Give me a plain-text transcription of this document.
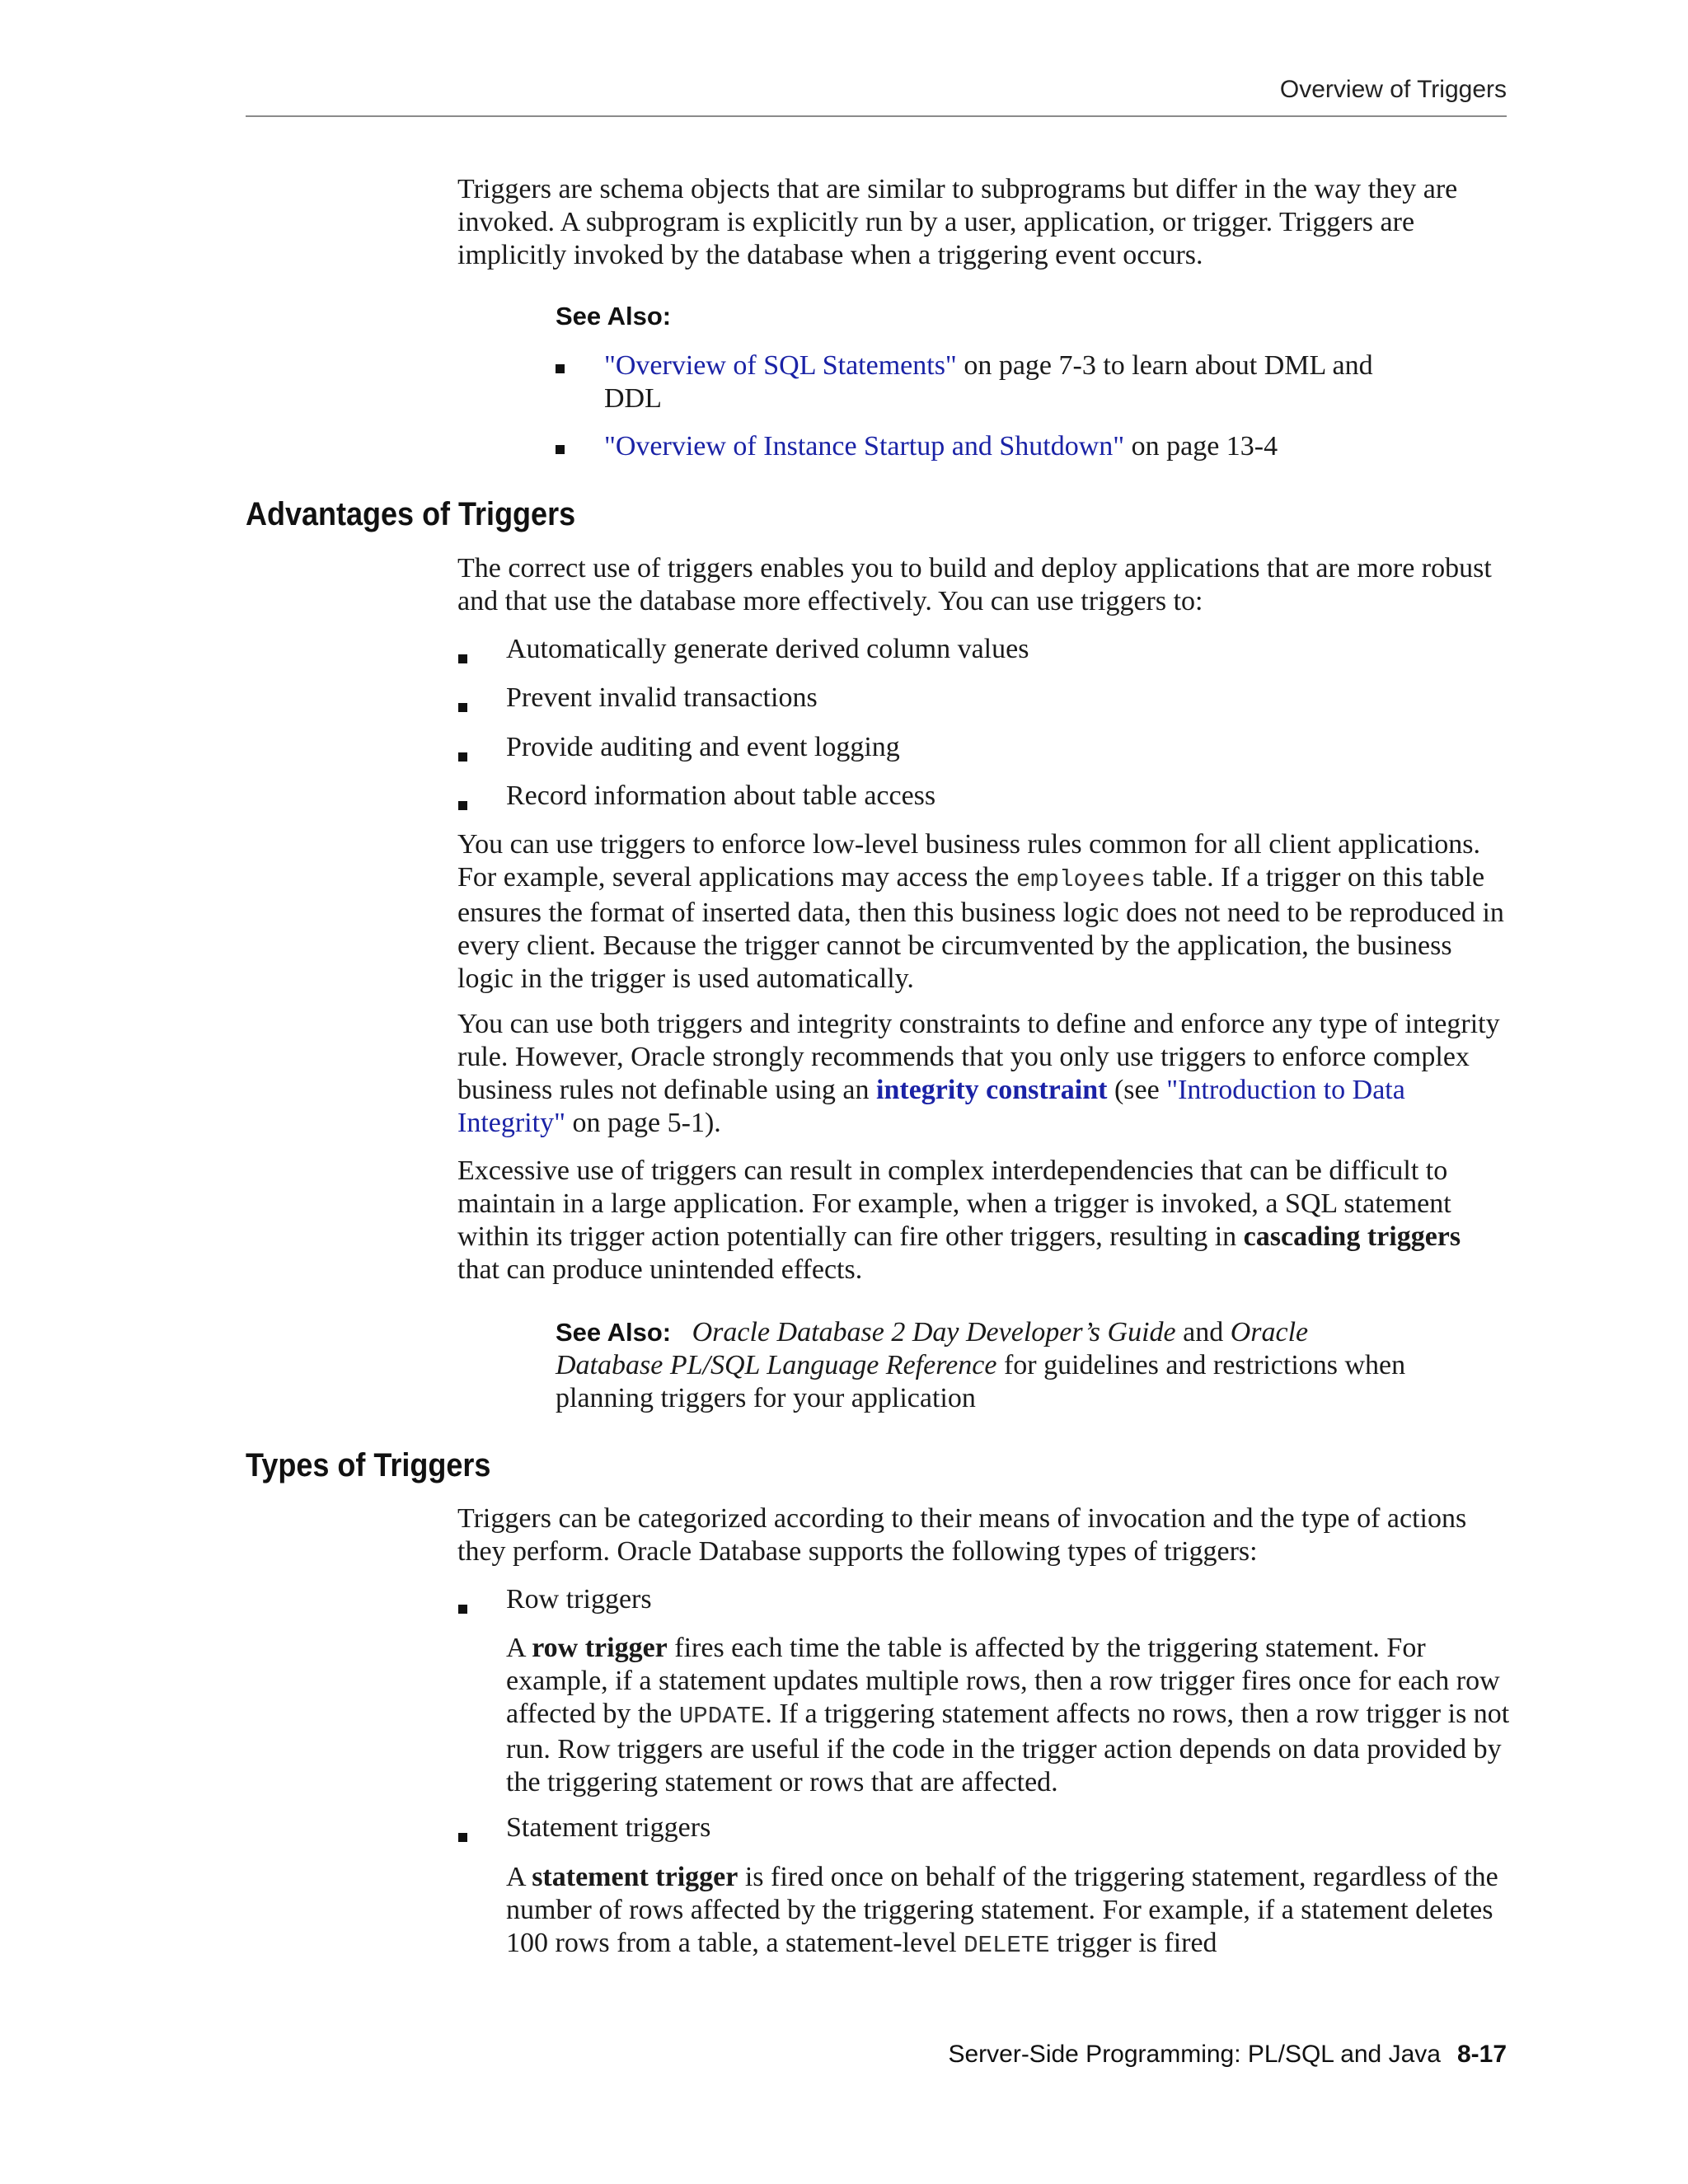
Overview of Triggers

Triggers are schema objects that are similar to subprograms but differ in the way they are invoked. A subprogram is explicitly run by a user, application, or trigger. Triggers are implicitly invoked by the database when a triggering event occurs.

See Also:

"Overview of SQL Statements" on page 7-3 to learn about DML and DDL

"Overview of Instance Startup and Shutdown" on page 13-4

Advantages of Triggers

The correct use of triggers enables you to build and deploy applications that are more robust and that use the database more effectively. You can use triggers to:

Automatically generate derived column values

Prevent invalid transactions

Provide auditing and event logging

Record information about table access

You can use triggers to enforce low-level business rules common for all client applications. For example, several applications may access the employees table. If a trigger on this table ensures the format of inserted data, then this business logic does not need to be reproduced in every client. Because the trigger cannot be circumvented by the application, the business logic in the trigger is used automatically.

You can use both triggers and integrity constraints to define and enforce any type of integrity rule. However, Oracle strongly recommends that you only use triggers to enforce complex business rules not definable using an integrity constraint (see "Introduction to Data Integrity" on page 5-1).

Excessive use of triggers can result in complex interdependencies that can be difficult to maintain in a large application. For example, when a trigger is invoked, a SQL statement within its trigger action potentially can fire other triggers, resulting in cascading triggers that can produce unintended effects.

See Also: Oracle Database 2 Day Developer’s Guide and Oracle Database PL/SQL Language Reference for guidelines and restrictions when planning triggers for your application

Types of Triggers

Triggers can be categorized according to their means of invocation and the type of actions they perform. Oracle Database supports the following types of triggers:

Row triggers

A row trigger fires each time the table is affected by the triggering statement. For example, if a statement updates multiple rows, then a row trigger fires once for each row affected by the UPDATE. If a triggering statement affects no rows, then a row trigger is not run. Row triggers are useful if the code in the trigger action depends on data provided by the triggering statement or rows that are affected.

Statement triggers

A statement trigger is fired once on behalf of the triggering statement, regardless of the number of rows affected by the triggering statement. For example, if a statement deletes 100 rows from a table, a statement-level DELETE trigger is fired

Server-Side Programming: PL/SQL and Java 8-17
